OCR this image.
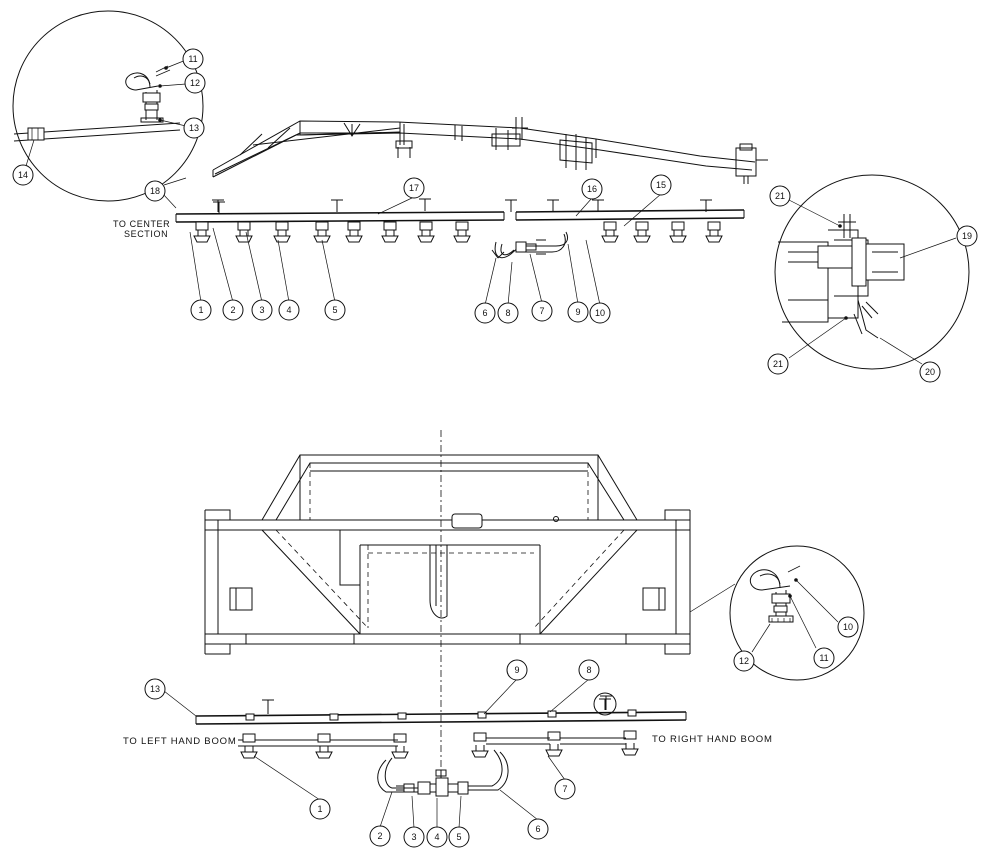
TO CENTER
SECTION
TO LEFT HAND BOOM	TO RIGHT HAND BOOM
11
12
13
14
18	17	16	15
1	2	3 4	5	6 8	7	9 10
21
19
21
20
13
9	8
1
2	3 4 5
6
7
10
11
12
